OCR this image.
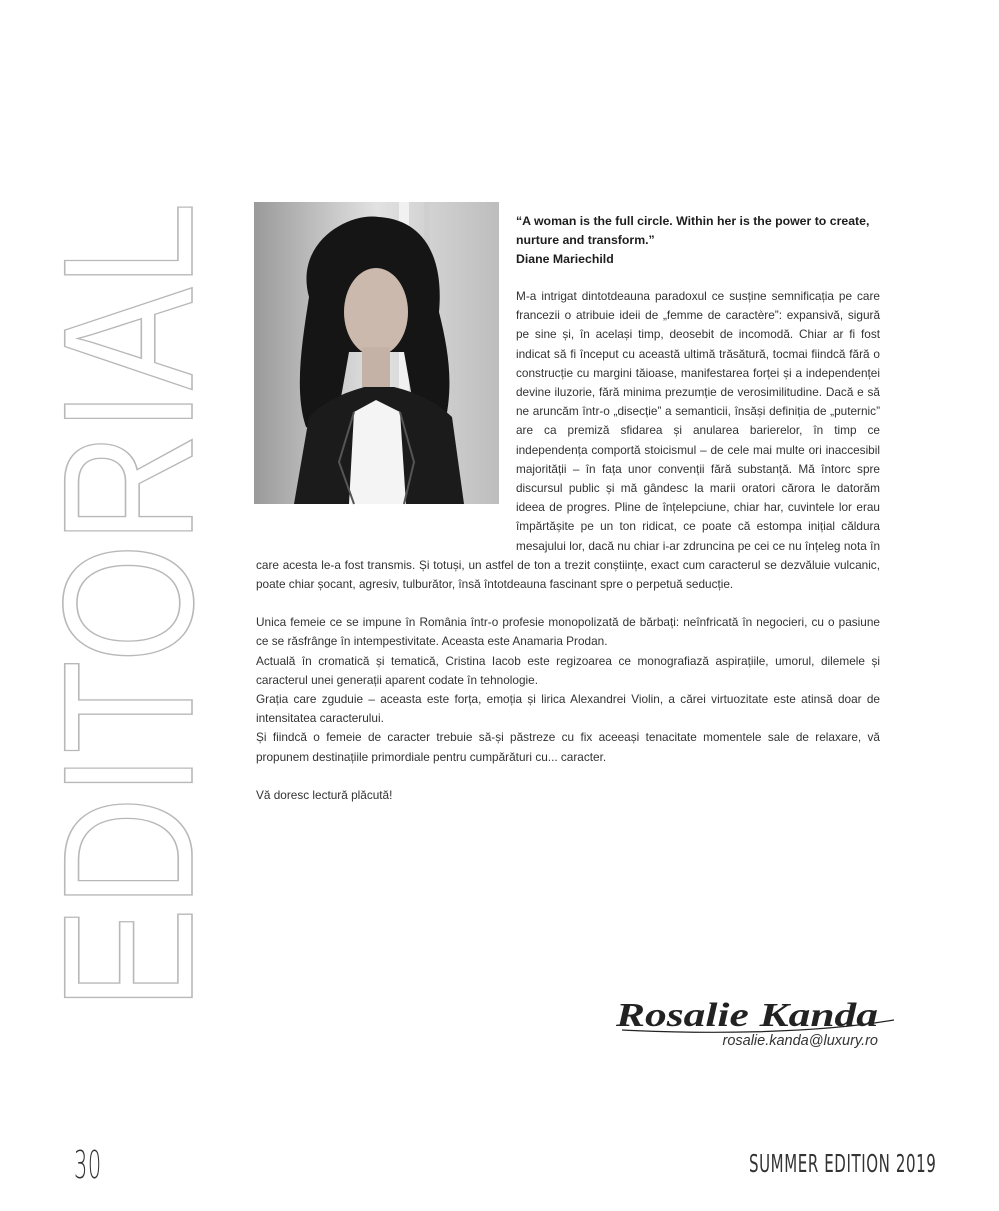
EDITORIAL	“A woman is the full circle. Within her is the power to create,
nurture and transform.”
Diane Mariechild

M-a intrigat dintotdeauna paradoxul ce susține semnificația pe care francezii o atribuie ideii de „femme de caractère”: expansivă, sigură pe sine și, în același timp, deosebit de incomodă. Chiar ar fi fost indicat să fi început cu această ultimă trăsătură, tocmai fiindcă fără o construcție cu margini tăioase, manifestarea forței și a independenței devine iluzorie, fără minima prezumție de verosimilitudine. Dacă e să ne aruncăm într-o „disecție” a semanticii, însăși definiția de „puternic” are ca premiză sfidarea și anularea barierelor, în timp ce independența comportă stoicismul – de cele mai multe ori inaccesibil majorității – în fața unor convenții fără substanță. Mă întorc spre discursul public și mă gândesc la marii oratori cărora le datorăm ideea de progres. Pline de înțelepciune, chiar har, cuvintele lor erau împărtășite pe un ton ridicat, ce poate că estompa inițial căldura mesajului lor, dacă nu chiar i-ar zdruncina pe cei ce nu înțeleg nota în care acesta le-a fost transmis. Și totuși, un astfel de ton a trezit conștiințe, exact cum caracterul se dezvăluie vulcanic, poate chiar șocant, agresiv, tulburător, însă întotdeauna fascinant spre o perpetuă seducție.

Unica femeie ce se impune în România într-o profesie monopolizată de bărbați: neînfricată în negocieri, cu o pasiune ce se răsfrânge în intempestivitate. Aceasta este Anamaria Prodan.

Actuală în cromatică și tematică, Cristina Iacob este regizoarea ce monografiază aspirațiile, umorul, dilemele și caracterul unei generații aparent codate în tehnologie.

Grația care zguduie – aceasta este forța, emoția și lirica Alexandrei Violin, a cărei virtuozitate este atinsă doar de intensitatea caracterului.

Și fiindcă o femeie de caracter trebuie să-și păstreze cu fix aceeași tenacitate momentele sale de relaxare, vă propunem destinațiile primordiale pentru cumpărături cu... caracter.

Vă doresc lectură plăcută!

Rosalie Kanda
rosalie.kanda@luxury.ro
30	SUMMER EDITION 2019
